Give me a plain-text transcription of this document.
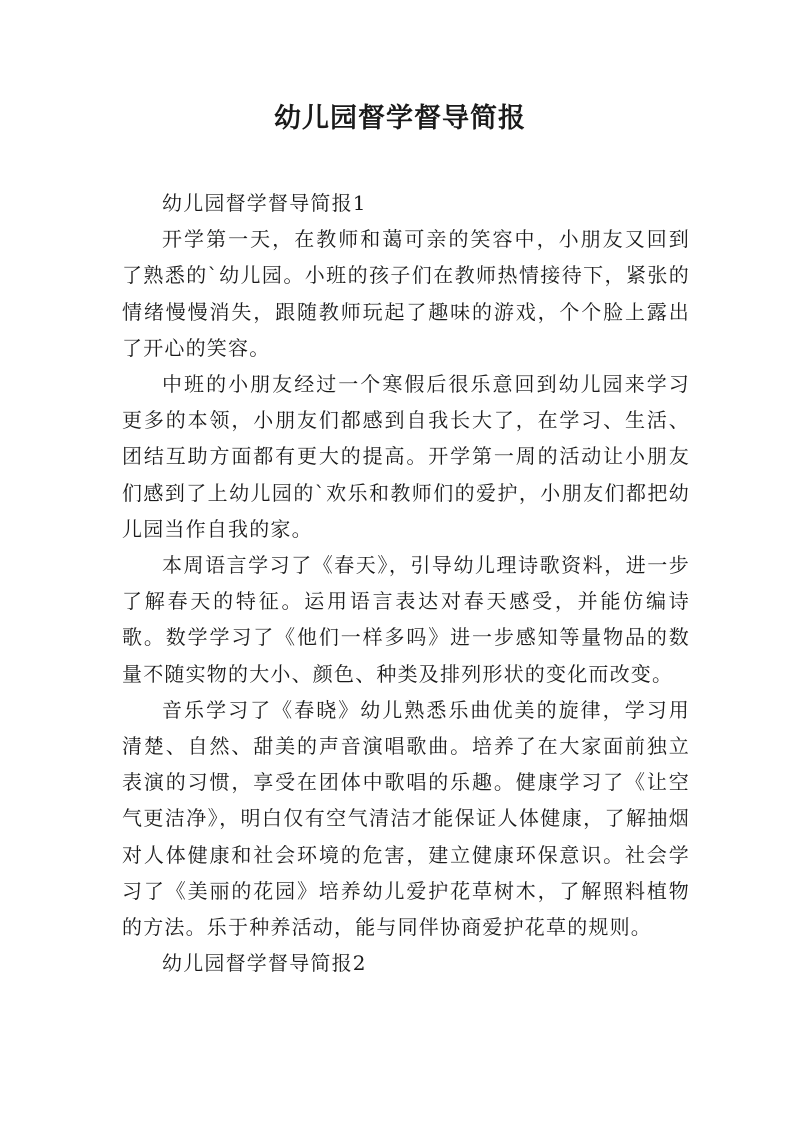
幼儿园督学督导简报

幼儿园督学督导简报1

开学第一天，在教师和蔼可亲的笑容中，小朋友又回到了熟悉的`幼儿园。小班的孩子们在教师热情接待下，紧张的情绪慢慢消失，跟随教师玩起了趣味的游戏，个个脸上露出了开心的笑容。

中班的小朋友经过一个寒假后很乐意回到幼儿园来学习更多的本领，小朋友们都感到自我长大了，在学习、生活、团结互助方面都有更大的提高。开学第一周的活动让小朋友们感到了上幼儿园的`欢乐和教师们的爱护，小朋友们都把幼儿园当作自我的家。

本周语言学习了《春天》，引导幼儿理诗歌资料，进一步了解春天的特征。运用语言表达对春天感受，并能仿编诗歌。数学学习了《他们一样多吗》进一步感知等量物品的数量不随实物的大小、颜色、种类及排列形状的变化而改变。

音乐学习了《春晓》幼儿熟悉乐曲优美的旋律，学习用清楚、自然、甜美的声音演唱歌曲。培养了在大家面前独立表演的习惯，享受在团体中歌唱的乐趣。健康学习了《让空气更洁净》，明白仅有空气清洁才能保证人体健康，了解抽烟对人体健康和社会环境的危害，建立健康环保意识。社会学习了《美丽的花园》培养幼儿爱护花草树木，了解照料植物的方法。乐于种养活动，能与同伴协商爱护花草的规则。

幼儿园督学督导简报2
